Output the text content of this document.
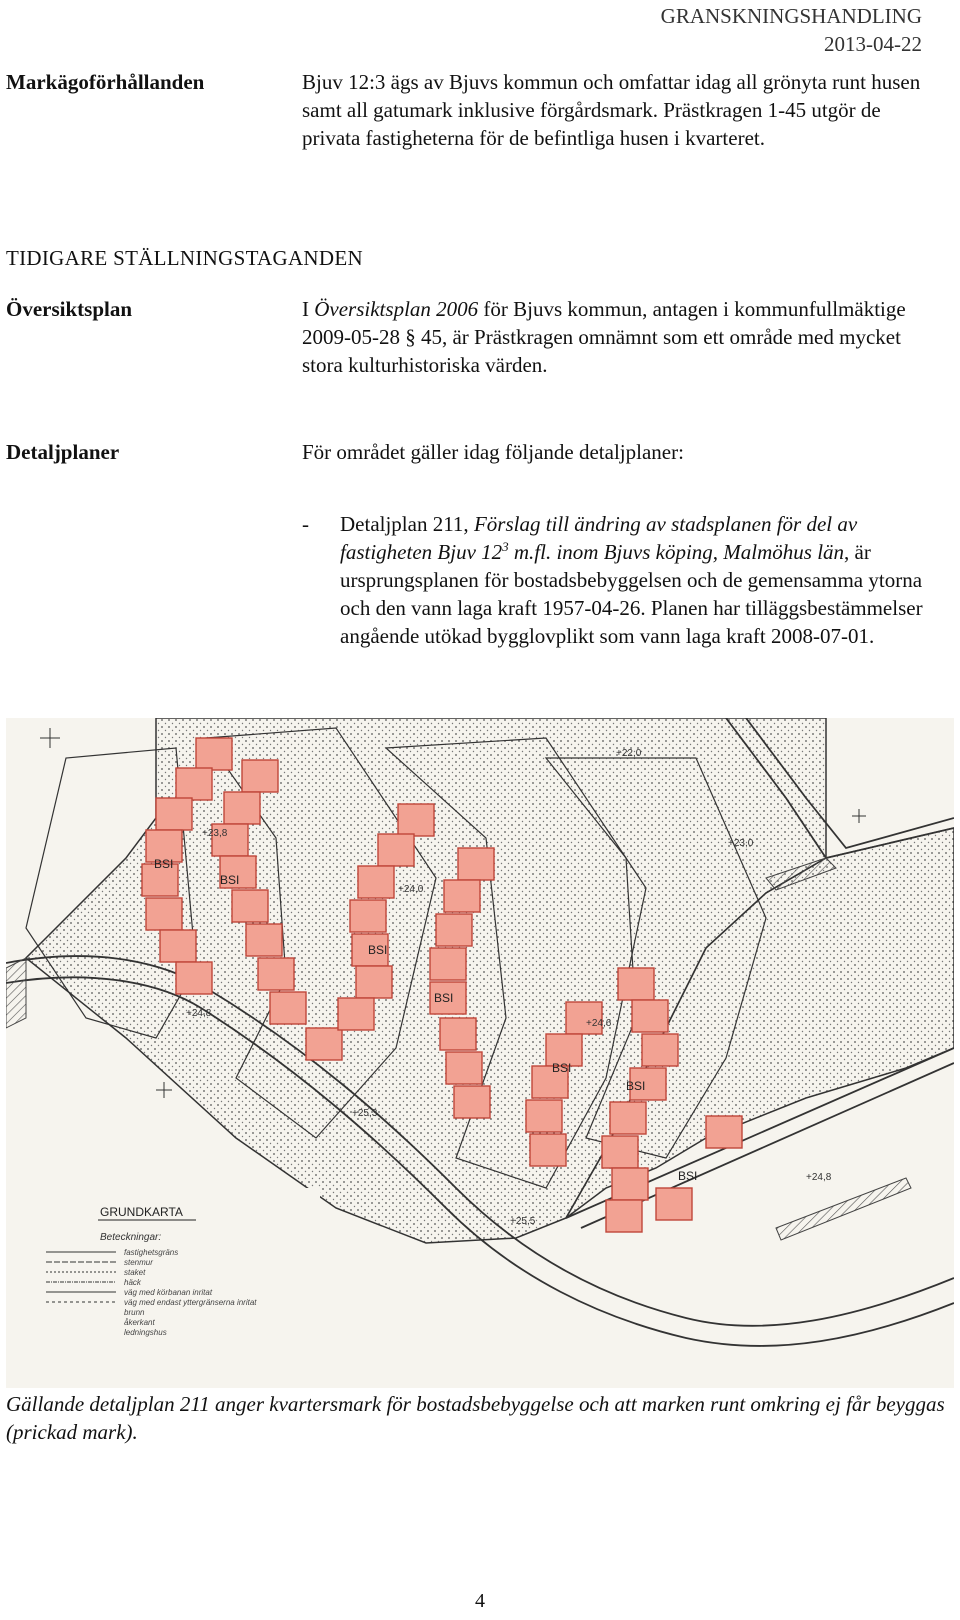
GRANSKNINGSHANDLING
2013-04-22
Markägoförhållanden	Bjuv 12:3 ägs av Bjuvs kommun och omfattar idag all grönyta runt husen samt all gatumark inklusive förgårdsmark. Prästkragen 1-45 utgör de privata fastigheterna för de befintliga husen i kvarteret.
TIDIGARE STÄLLNINGSTAGANDEN
Översiktsplan	I Översiktsplan 2006 för Bjuvs kommun, antagen i kommunfullmäktige 2009-05-28 § 45, är Prästkragen omnämnt som ett område med mycket stora kulturhistoriska värden.
Detaljplaner	För området gäller idag följande detaljplaner:
- Detaljplan 211, Förslag till ändring av stadsplanen för del av fastigheten Bjuv $12^3$ m.fl. inom Bjuvs köping, Malmöhus län, är ursprungsplanen för bostadsbebyggelsen och de gemensamma ytorna och den vann laga kraft 1957-04-26. Planen har tilläggsbestämmelser angående utökad bygglovplikt som vann laga kraft 2008-07-01.
BSI
BSI
BSI
BSI
BSI
BSI
BSI
+22,0
+23,0
+23,8
+24,0
+24,8
+25,3
+24,6
+24,8
+25,5
GRUNDKARTA
Beteckningar:
fastighetsgräns
stenmur
staket
häck
väg med körbanan inritat
väg med endast yttergränserna inritat
brunn
åkerkant
ledningshus
Gällande detaljplan 211 anger kvartersmark för bostadsbebyggelse och att marken runt omkring ej får beyggas (prickad mark).
4
